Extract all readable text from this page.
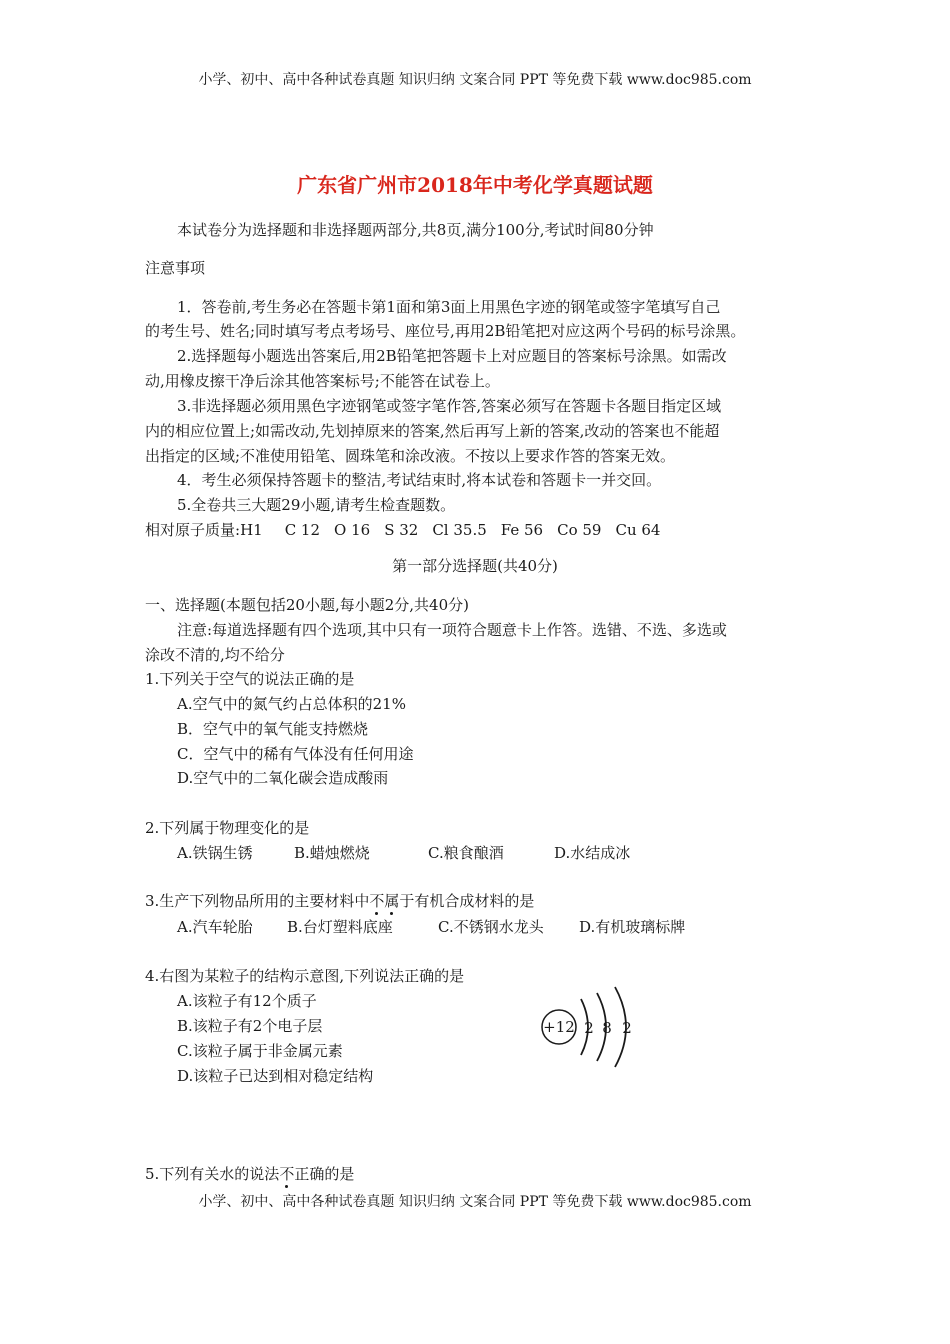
小学、初中、高中各种试卷真题 知识归纳 文案合同 PPT 等免费下载 www.doc985.com
小学、初中、高中各种试卷真题 知识归纳 文案合同 PPT 等免费下载 www.doc985.com
广东省广州市2018年中考化学真题试题
本试卷分为选择题和非选择题两部分,共8页,满分100分,考试时间80分钟
注意事项
1．答卷前,考生务必在答题卡第1面和第3面上用黑色字迹的钢笔或签字笔填写自己
的考生号、姓名;同时填写考点考场号、座位号,再用2B铅笔把对应这两个号码的标号涂黑。
2.选择题每小题选出答案后,用2B铅笔把答题卡上对应题目的答案标号涂黑。如需改
动,用橡皮擦干净后涂其他答案标号;不能答在试卷上。
3.非选择题必须用黑色字迹钢笔或签字笔作答,答案必须写在答题卡各题目指定区域
内的相应位置上;如需改动,先划掉原来的答案,然后再写上新的答案,改动的答案也不能超
出指定的区域;不准使用铅笔、圆珠笔和涂改液。不按以上要求作答的答案无效。
4．考生必须保持答题卡的整洁,考试结束时,将本试卷和答题卡一并交回。
5.全卷共三大题29小题,请考生检查题数。
相对原子质量:H1 C 12 O 16 S 32 Cl 35.5 Fe 56 Co 59 Cu 64
第一部分选择题(共40分)
一、选择题(本题包括20小题,每小题2分,共40分)
注意:每道选择题有四个选项,其中只有一项符合题意卡上作答。选错、不选、多选或
涂改不清的,均不给分
1.下列关于空气的说法正确的是
A.空气中的氮气约占总体积的21%
B．空气中的氧气能支持燃烧
C．空气中的稀有气体没有任何用途
D.空气中的二氧化碳会造成酸雨
2.下列属于物理变化的是
A.铁锅生锈	B.蜡烛燃烧	C.粮食酿酒	D.水结成冰
3.生产下列物品所用的主要材料中不属于有机合成材料的是
A.汽车轮胎 B.台灯塑料底座	C.不锈钢水龙头 D.有机玻璃标牌
4.右图为某粒子的结构示意图,下列说法正确的是
A.该粒子有12个质子
B.该粒子有2个电子层
C.该粒子属于非金属元素
D.该粒子已达到相对稳定结构
+12 2 8 2
5.下列有关水的说法不正确的是
